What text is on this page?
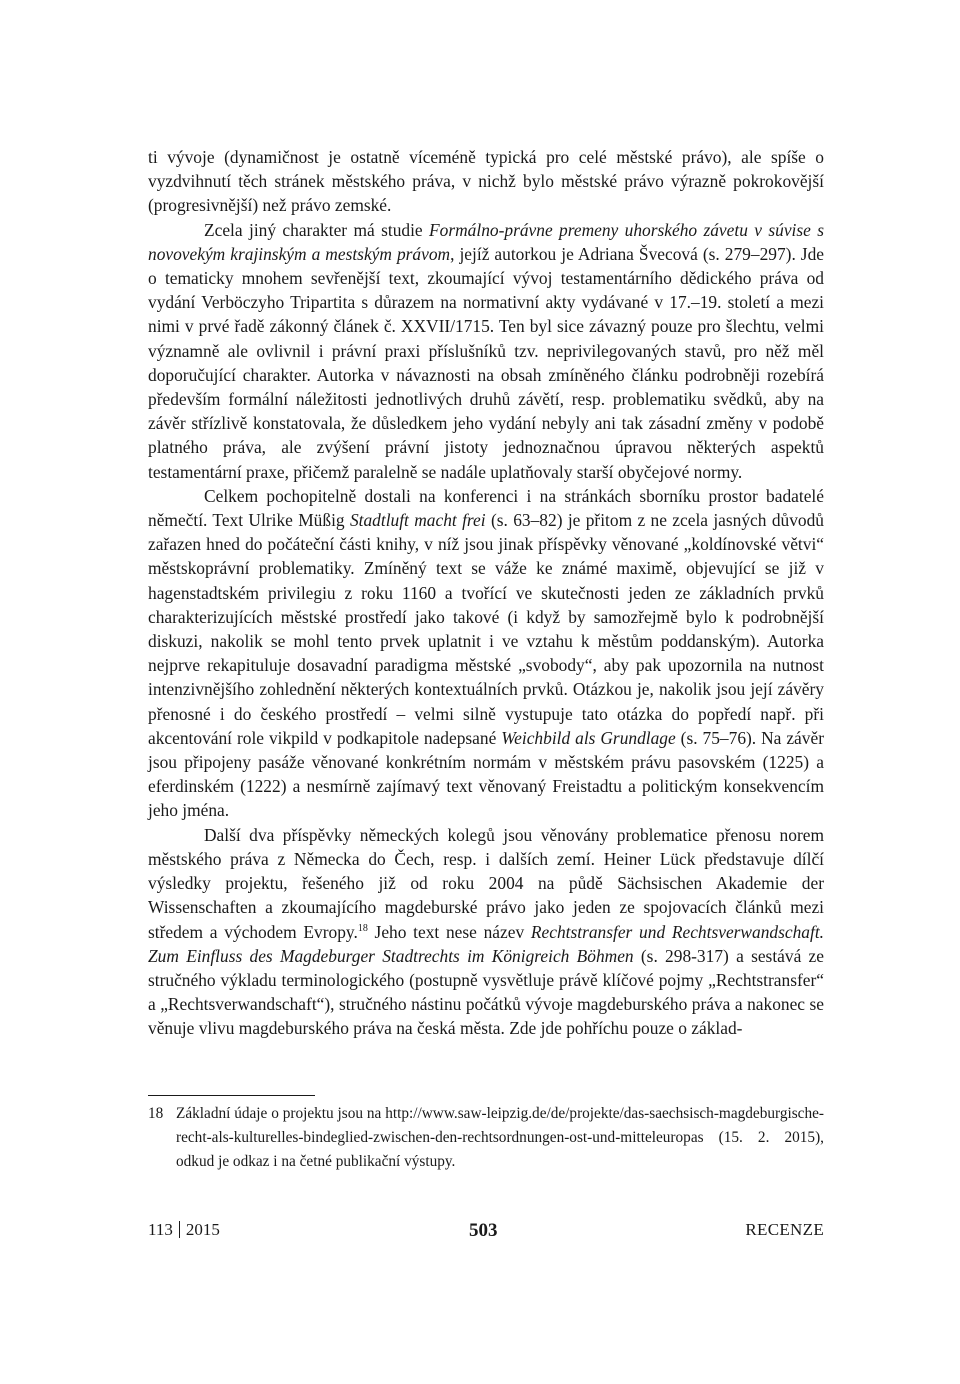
ti vývoje (dynamičnost je ostatně víceméně typická pro celé městské právo), ale spíše o vyzdvihnutí těch stránek městského práva, v nichž bylo městské právo výrazně pokrokovější (progresivnější) než právo zemské.

Zcela jiný charakter má studie Formálno-právne premeny uhorského závetu v súvise s novovekým krajinským a mestským právom, jejíž autorkou je Adriana Švecová (s. 279–297). Jde o tematicky mnohem sevřenější text, zkoumající vývoj testamentárního dědického práva od vydání Verböczyho Tripartita s důrazem na normativní akty vydávané v 17.–19. století a mezi nimi v prvé řadě zákonný článek č. XXVII/1715. Ten byl sice závazný pouze pro šlechtu, velmi významně ale ovlivnil i právní praxi příslušníků tzv. neprivilegovaných stavů, pro něž měl doporučující charakter. Autorka v návaznosti na obsah zmíněného článku podrobněji rozebírá především formální náležitosti jednotlivých druhů závětí, resp. problematiku svědků, aby na závěr střízlivě konstatovala, že důsledkem jeho vydání nebyly ani tak zásadní změny v podobě platného práva, ale zvýšení právní jistoty jednoznačnou úpravou některých aspektů testamentární praxe, přičemž paralelně se nadále uplatňovaly starší obyčejové normy.

Celkem pochopitelně dostali na konferenci i na stránkách sborníku prostor badatelé němečtí. Text Ulrike Müßig Stadtluft macht frei (s. 63–82) je přitom z ne zcela jasných důvodů zařazen hned do počáteční části knihy, v níž jsou jinak příspěvky věnované „koldínovské větvi“ městskoprávní problematiky. Zmíněný text se váže ke známé maximě, objevující se již v hagenstadtském privilegiu z roku 1160 a tvořící ve skutečnosti jeden ze základních prvků charakterizujících městské prostředí jako takové (i když by samozřejmě bylo k podrobnější diskuzi, nakolik se mohl tento prvek uplatnit i ve vztahu k městům poddanským). Autorka nejprve rekapituluje dosavadní paradigma městské „svobody“, aby pak upozornila na nutnost intenzivnějšího zohlednění některých kontextuálních prvků. Otázkou je, nakolik jsou její závěry přenosné i do českého prostředí – velmi silně vystupuje tato otázka do popředí např. při akcentování role vikpild v podkapitole nadepsané Weichbild als Grundlage (s. 75–76). Na závěr jsou připojeny pasáže věnované konkrétním normám v městském právu pasovském (1225) a eferdinském (1222) a nesmírně zajímavý text věnovaný Freistadtu a politickým konsekvencím jeho jména.

Další dva příspěvky německých kolegů jsou věnovány problematice přenosu norem městského práva z Německa do Čech, resp. i dalších zemí. Heiner Lück představuje dílčí výsledky projektu, řešeného již od roku 2004 na půdě Sächsischen Akademie der Wissenschaften a zkoumajícího magdeburské právo jako jeden ze spojovacích článků mezi středem a východem Evropy.$^{18}$ Jeho text nese název Rechtstransfer und Rechtsverwandschaft. Zum Einfluss des Magdeburger Stadtrechts im Königreich Böhmen (s. 298-317) a sestává ze stručného výkladu terminologického (postupně vysvětluje právě klíčové pojmy „Rechtstransfer“ a „Rechtsverwandschaft“), stručného nástinu počátků vývoje magdeburského práva a nakonec se věnuje vlivu magdeburského práva na česká města. Zde jde pohříchu pouze o základ-

18 Základní údaje o projektu jsou na http://www.saw-leipzig.de/de/projekte/das-saechsisch-magdeburgische-recht-als-kulturelles-bindeglied-zwischen-den-rechtsordnungen-ost-und-mitteleuropas (15. 2. 2015), odkud je odkaz i na četné publikační výstupy.
113 2015	503	RECENZE
